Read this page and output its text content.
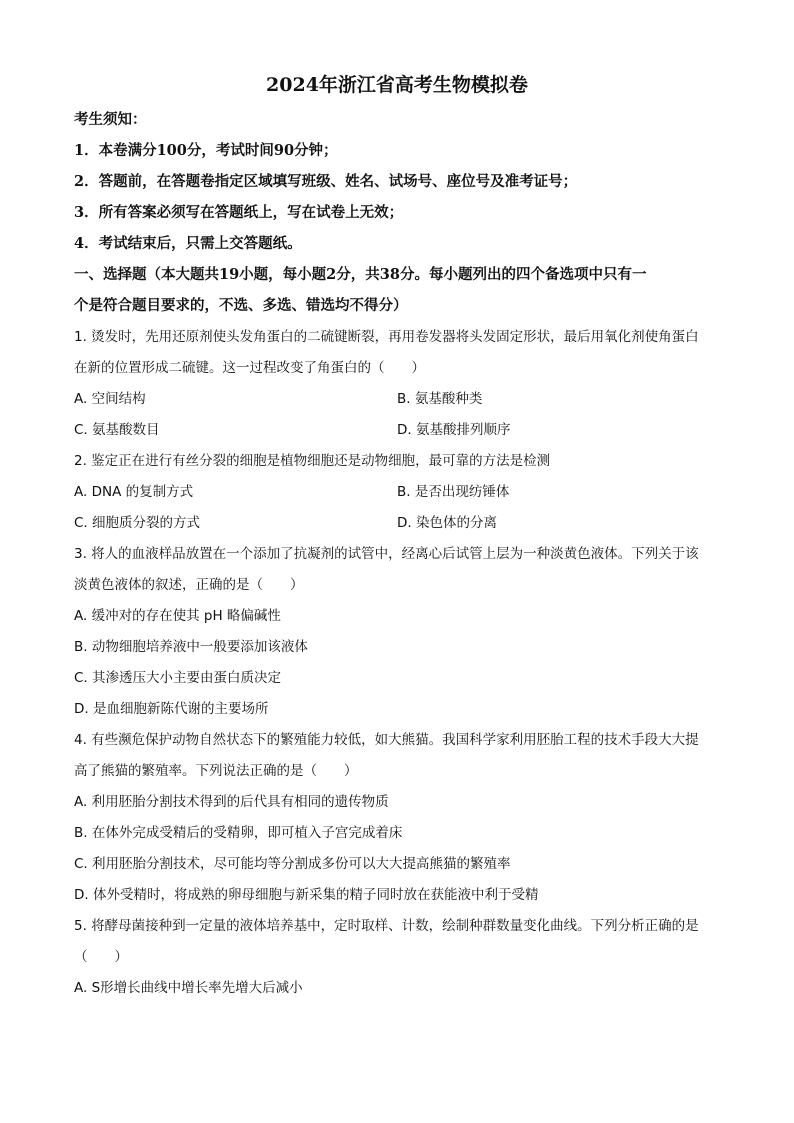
2024年浙江省高考生物模拟卷
考生须知：
1．本卷满分100分，考试时间90分钟；
2．答题前，在答题卷指定区域填写班级、姓名、试场号、座位号及准考证号；
3．所有答案必须写在答题纸上，写在试卷上无效；
4．考试结束后，只需上交答题纸。
一、选择题（本大题共19小题，每小题2分，共38分。每小题列出的四个备选项中只有一
个是符合题目要求的，不选、多选、错选均不得分）
1. 烫发时，先用还原剂使头发角蛋白的二硫键断裂，再用卷发器将头发固定形状，最后用氧化剂使角蛋白
在新的位置形成二硫键。这一过程改变了角蛋白的（　　）
A. 空间结构	B. 氨基酸种类
C. 氨基酸数目	D. 氨基酸排列顺序
2. 鉴定正在进行有丝分裂的细胞是植物细胞还是动物细胞，最可靠的方法是检测
A. DNA 的复制方式	B. 是否出现纺锤体
C. 细胞质分裂的方式	D. 染色体的分离
3. 将人的血液样品放置在一个添加了抗凝剂的试管中，经离心后试管上层为一种淡黄色液体。下列关于该
淡黄色液体的叙述，正确的是（　　）
A. 缓冲对的存在使其 pH 略偏碱性
B. 动物细胞培养液中一般要添加该液体
C. 其渗透压大小主要由蛋白质决定
D. 是血细胞新陈代谢的主要场所
4. 有些濒危保护动物自然状态下的繁殖能力较低，如大熊猫。我国科学家利用胚胎工程的技术手段大大提
高了熊猫的繁殖率。下列说法正确的是（　　）
A. 利用胚胎分割技术得到的后代具有相同的遗传物质
B. 在体外完成受精后的受精卵，即可植入子宫完成着床
C. 利用胚胎分割技术，尽可能均等分割成多份可以大大提高熊猫的繁殖率
D. 体外受精时，将成熟的卵母细胞与新采集的精子同时放在获能液中利于受精
5. 将酵母菌接种到一定量的液体培养基中，定时取样、计数，绘制种群数量变化曲线。下列分析正确的是
（　　）
A. S形增长曲线中增长率先增大后减小
